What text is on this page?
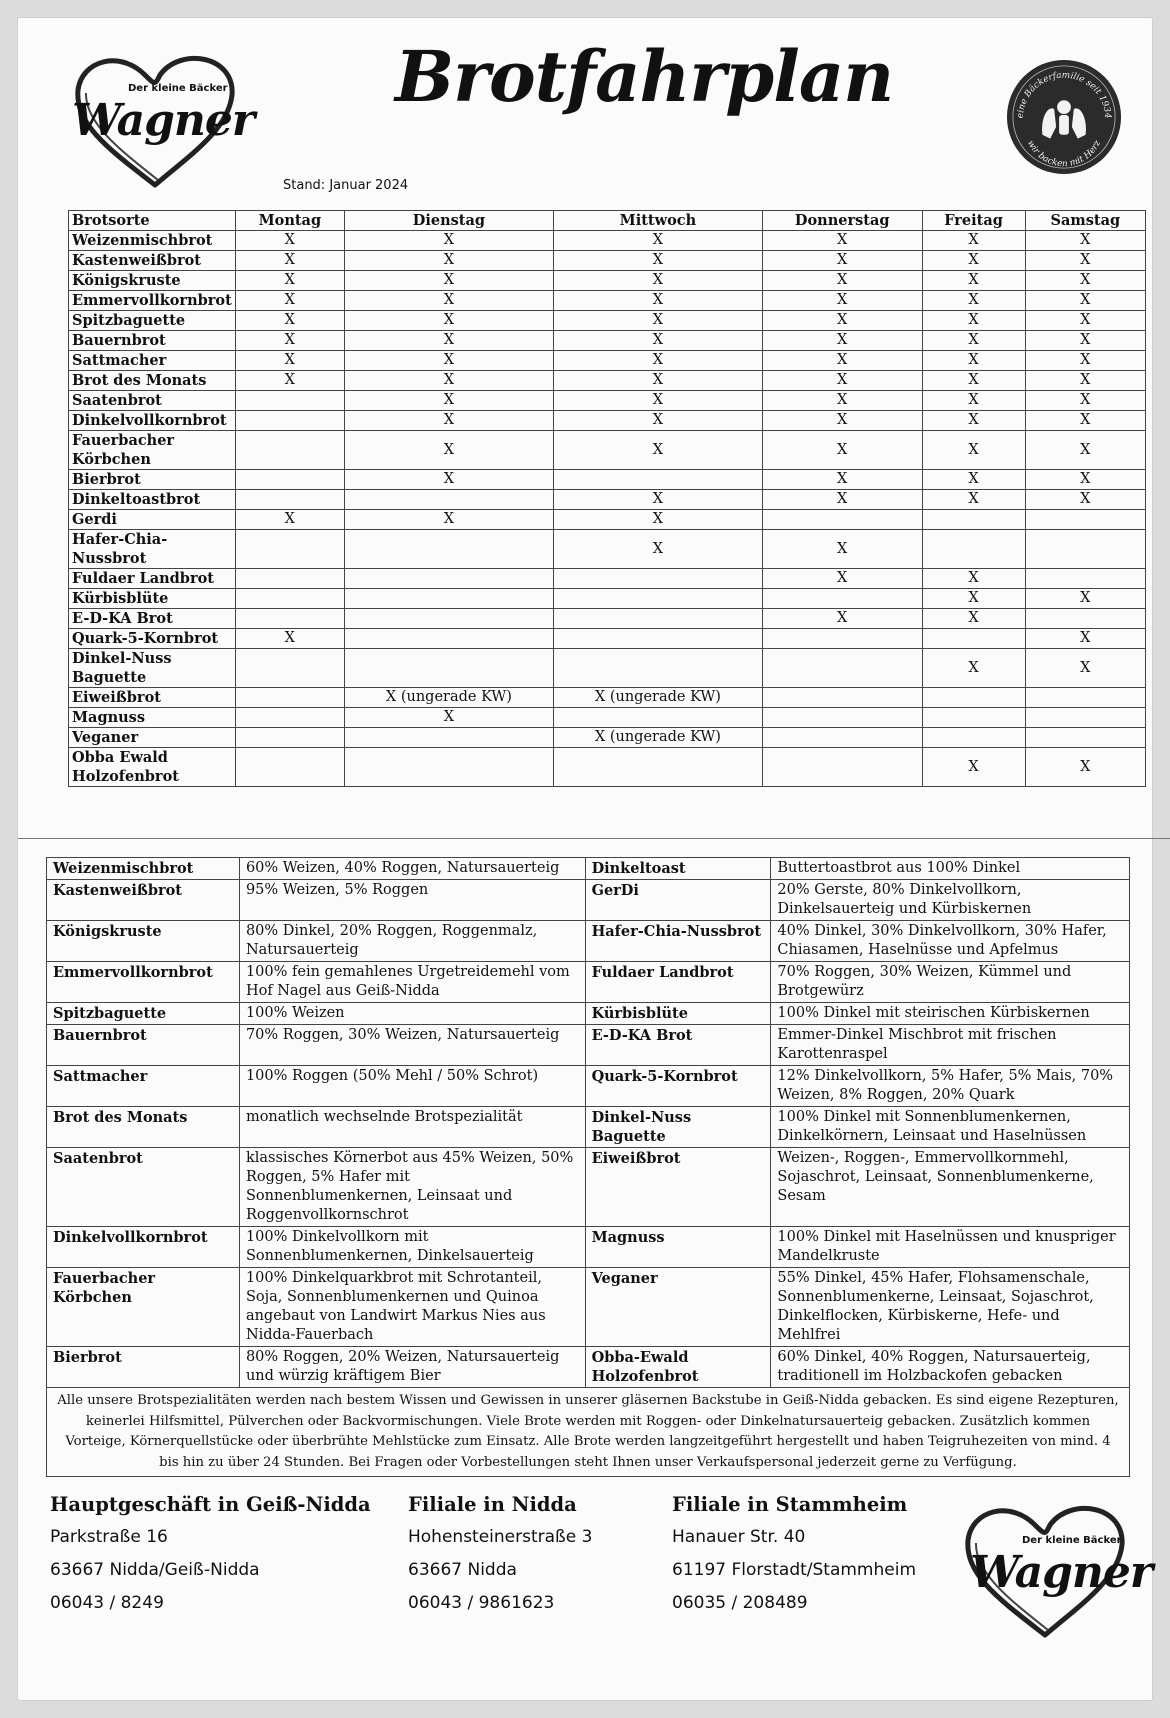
Der kleine Bäcker
Wagner
Brotfahrplan
Stand: Januar 2024
eine Bäckerfamilie seit 1934
wir backen mit Herz
Brotsorte	Montag	Dienstag	Mittwoch	Donnerstag	Freitag	Samstag
Weizenmischbrot	X	X	X	X	X	X
Kastenweißbrot	X	X	X	X	X	X
Königskruste	X	X	X	X	X	X
Emmervollkornbrot	X	X	X	X	X	X
Spitzbaguette	X	X	X	X	X	X
Bauernbrot	X	X	X	X	X	X
Sattmacher	X	X	X	X	X	X
Brot des Monats	X	X	X	X	X	X
Saatenbrot		X	X	X	X	X
Dinkelvollkornbrot		X	X	X	X	X
Fauerbacher Körbchen		X	X	X	X	X
Bierbrot		X		X	X	X
Dinkeltoastbrot			X	X	X	X
Gerdi	X	X	X			
Hafer-Chia-Nussbrot			X	X		
Fuldaer Landbrot				X	X	
Kürbisblüte					X	X
E-D-KA Brot				X	X	
Quark-5-Kornbrot	X					X
Dinkel-Nuss Baguette					X	X
Eiweißbrot		X (ungerade KW)	X (ungerade KW)			
Magnuss		X				
Veganer			X (ungerade KW)			
Obba Ewald Holzofenbrot					X	X
Weizenmischbrot	60% Weizen, 40% Roggen, Natursauerteig	Dinkeltoast	Buttertoastbrot aus 100% Dinkel
Kastenweißbrot	95% Weizen, 5% Roggen	GerDi	20% Gerste, 80% Dinkelvollkorn, Dinkelsauerteig und Kürbiskernen
Königskruste	80% Dinkel, 20% Roggen, Roggenmalz, Natursauerteig	Hafer-Chia-Nussbrot	40% Dinkel, 30% Dinkelvollkorn, 30% Hafer, Chiasamen, Haselnüsse und Apfelmus
Emmervollkornbrot	100% fein gemahlenes Urgetreidemehl vom Hof Nagel aus Geiß-Nidda	Fuldaer Landbrot	70% Roggen, 30% Weizen, Kümmel und Brotgewürz
Spitzbaguette	100% Weizen	Kürbisblüte	100% Dinkel mit steirischen Kürbiskernen
Bauernbrot	70% Roggen, 30% Weizen, Natursauerteig	E-D-KA Brot	Emmer-Dinkel Mischbrot mit frischen Karottenraspel
Sattmacher	100% Roggen (50% Mehl / 50% Schrot)	Quark-5-Kornbrot	12% Dinkelvollkorn, 5% Hafer, 5% Mais, 70% Weizen, 8% Roggen, 20% Quark
Brot des Monats	monatlich wechselnde Brotspezialität	Dinkel-Nuss Baguette	100% Dinkel mit Sonnenblumenkernen, Dinkelkörnern, Leinsaat und Haselnüssen
Saatenbrot	klassisches Körnerbot aus 45% Weizen, 50% Roggen, 5% Hafer mit Sonnenblumenkernen, Leinsaat und Roggenvollkornschrot	Eiweißbrot	Weizen-, Roggen-, Emmervollkornmehl, Sojaschrot, Leinsaat, Sonnenblumenkerne, Sesam
Dinkelvollkornbrot	100% Dinkelvollkorn mit Sonnenblumenkernen, Dinkelsauerteig	Magnuss	100% Dinkel mit Haselnüssen und knuspriger Mandelkruste
Fauerbacher Körbchen	100% Dinkelquarkbrot mit Schrotanteil, Soja, Sonnenblumenkernen und Quinoa angebaut von Landwirt Markus Nies aus Nidda-Fauerbach	Veganer	55% Dinkel, 45% Hafer, Flohsamenschale, Sonnenblumenkerne, Leinsaat, Sojaschrot, Dinkelflocken, Kürbiskerne, Hefe- und Mehlfrei
Bierbrot	80% Roggen, 20% Weizen, Natursauerteig und würzig kräftigem Bier	Obba-Ewald Holzofenbrot	60% Dinkel, 40% Roggen, Natursauerteig, traditionell im Holzbackofen gebacken
Alle unsere Brotspezialitäten werden nach bestem Wissen und Gewissen in unserer gläsernen Backstube in Geiß-Nidda gebacken. Es sind eigene Rezepturen, keinerlei Hilfsmittel, Pülverchen oder Backvormischungen. Viele Brote werden mit Roggen- oder Dinkelnatursauerteig gebacken. Zusätzlich kommen Vorteige, Körnerquellstücke oder überbrühte Mehlstücke zum Einsatz. Alle Brote werden langzeitgeführt hergestellt und haben Teigruhezeiten von mind. 4 bis hin zu über 24 Stunden. Bei Fragen oder Vorbestellungen steht Ihnen unser Verkaufspersonal jederzeit gerne zu Verfügung.			
Hauptgeschäft in Geiß-Nidda
Parkstraße 16
63667 Nidda/Geiß-Nidda
06043 / 8249
Filiale in Nidda
Hohensteinerstraße 3
63667 Nidda
06043 / 9861623
Filiale in Stammheim
Hanauer Str. 40
61197 Florstadt/Stammheim
06035 / 208489
Der kleine Bäcker
Wagner
